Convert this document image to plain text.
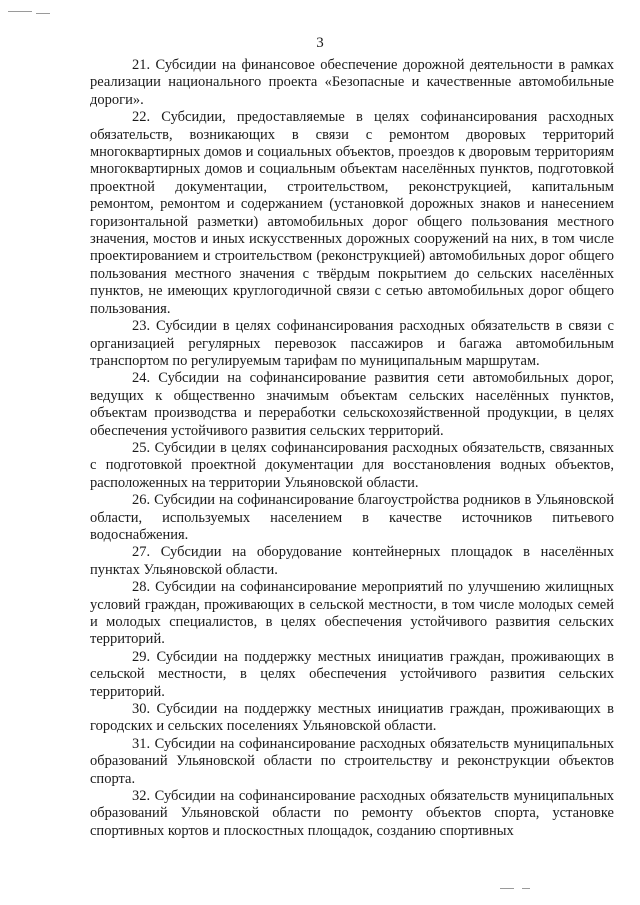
3

21. Субсидии на финансовое обеспечение дорожной деятельности в рамках реализации национального проекта «Безопасные и качественные автомобильные дороги».

22. Субсидии, предоставляемые в целях софинансирования расходных обязательств, возникающих в связи с ремонтом дворовых территорий многоквартирных домов и социальных объектов, проездов к дворовым территориям многоквартирных домов и социальным объектам населённых пунктов, подготовкой проектной документации, строительством, реконструкцией, капитальным ремонтом, ремонтом и содержанием (установкой дорожных знаков и нанесением горизонтальной разметки) автомобильных дорог общего пользования местного значения, мостов и иных искусственных дорожных сооружений на них, в том числе проектированием и строительством (реконструкцией) автомобильных дорог общего пользования местного значения с твёрдым покрытием до сельских населённых пунктов, не имеющих круглогодичной связи с сетью автомобильных дорог общего пользования.

23. Субсидии в целях софинансирования расходных обязательств в связи с организацией регулярных перевозок пассажиров и багажа автомобильным транспортом по регулируемым тарифам по муниципальным маршрутам.

24. Субсидии на софинансирование развития сети автомобильных дорог, ведущих к общественно значимым объектам сельских населённых пунктов, объектам производства и переработки сельскохозяйственной продукции, в целях обеспечения устойчивого развития сельских территорий.

25. Субсидии в целях софинансирования расходных обязательств, связанных с подготовкой проектной документации для восстановления водных объектов, расположенных на территории Ульяновской области.

26. Субсидии на софинансирование благоустройства родников в Ульяновской области, используемых населением в качестве источников питьевого водоснабжения.

27. Субсидии на оборудование контейнерных площадок в населённых пунктах Ульяновской области.

28. Субсидии на софинансирование мероприятий по улучшению жилищных условий граждан, проживающих в сельской местности, в том числе молодых семей и молодых специалистов, в целях обеспечения устойчивого развития сельских территорий.

29. Субсидии на поддержку местных инициатив граждан, проживающих в сельской местности, в целях обеспечения устойчивого развития сельских территорий.

30. Субсидии на поддержку местных инициатив граждан, проживающих в городских и сельских поселениях Ульяновской области.

31. Субсидии на софинансирование расходных обязательств муниципальных образований Ульяновской области по строительству и реконструкции объектов спорта.

32. Субсидии на софинансирование расходных обязательств муниципальных образований Ульяновской области по ремонту объектов спорта, установке спортивных кортов и плоскостных площадок, созданию спортивных
